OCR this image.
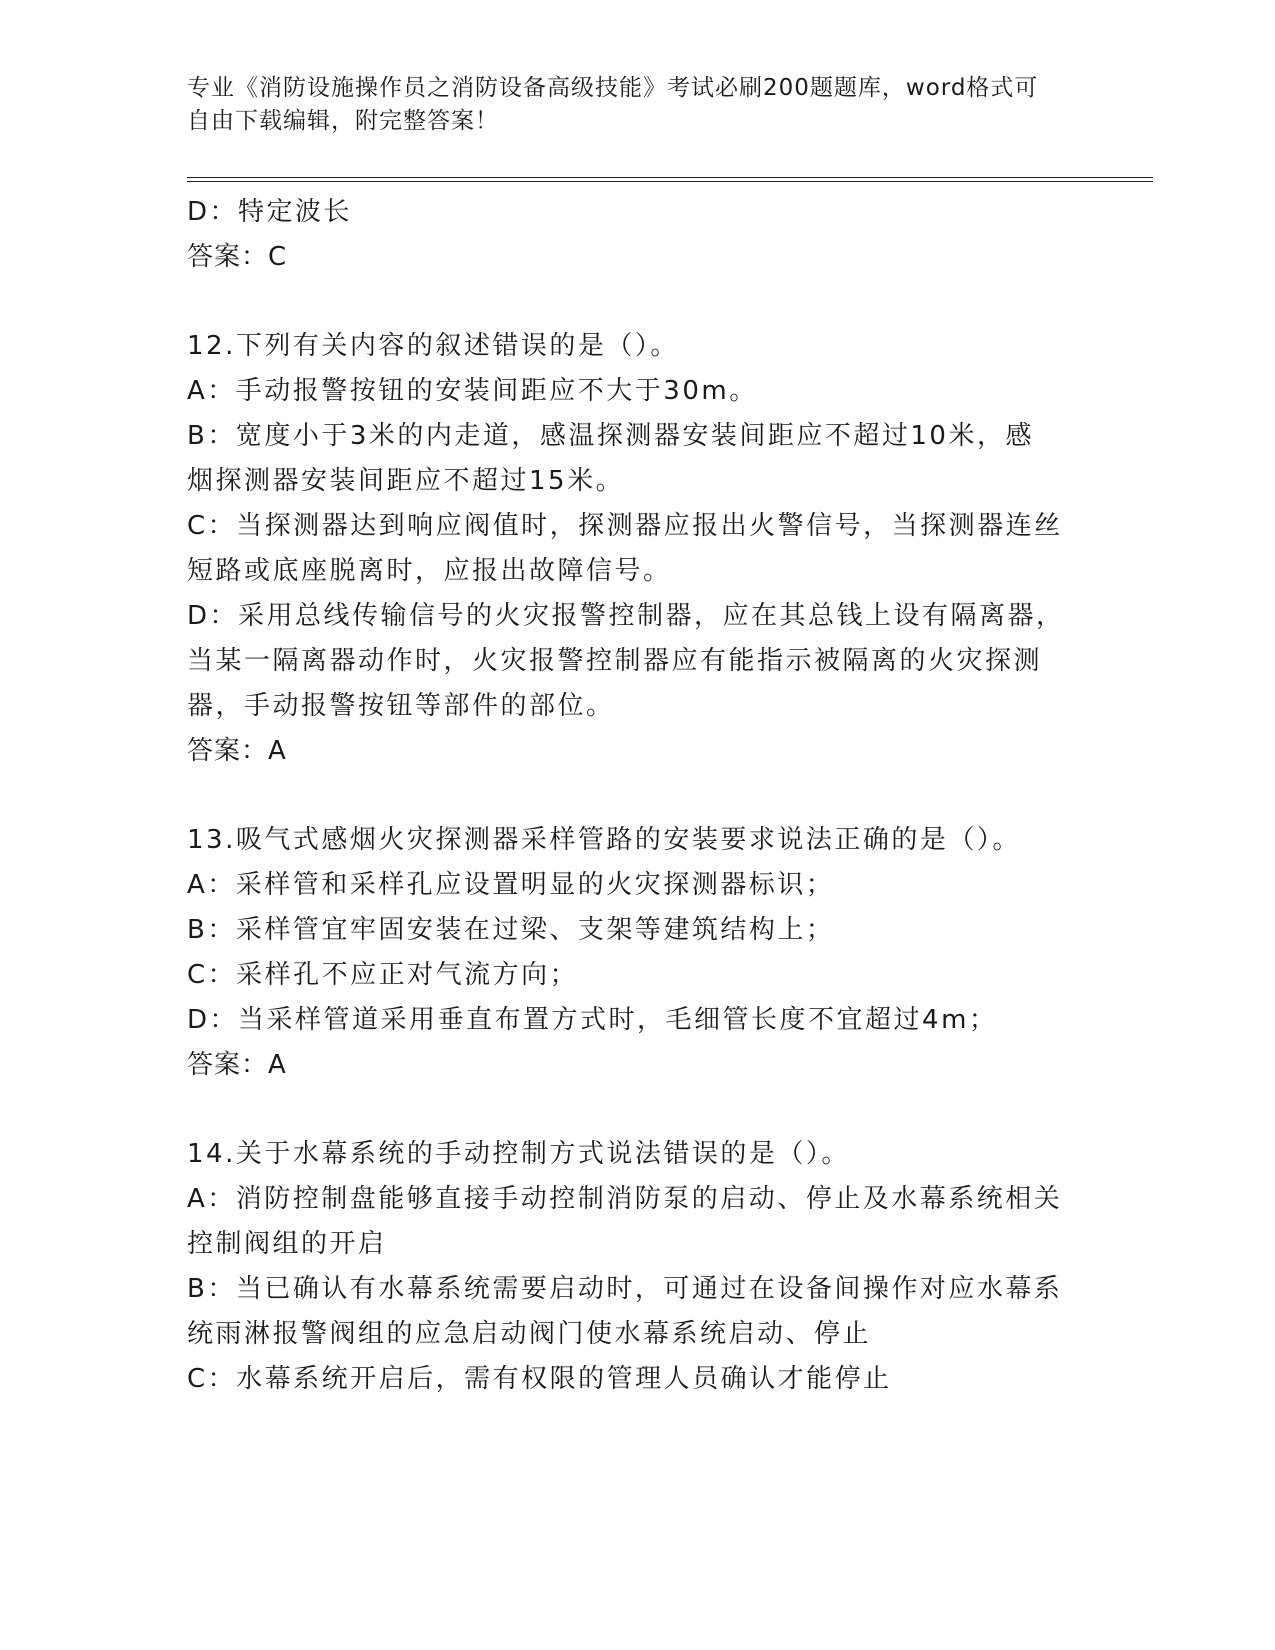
专业《消防设施操作员之消防设备高级技能》考试必刷200题题库，word格式可
自由下载编辑，附完整答案！
D：特定波长
答案：C
12.下列有关内容的叙述错误的是（）。
A：手动报警按钮的安装间距应不大于30m。
B：宽度小于3米的内走道，感温探测器安装间距应不超过10米，感
烟探测器安装间距应不超过15米。
C：当探测器达到响应阀值时，探测器应报出火警信号，当探测器连丝
短路或底座脱离时，应报出故障信号。
D：采用总线传输信号的火灾报警控制器，应在其总钱上设有隔离器，
当某一隔离器动作时，火灾报警控制器应有能指示被隔离的火灾探测
器，手动报警按钮等部件的部位。
答案：A
13.吸气式感烟火灾探测器采样管路的安装要求说法正确的是（）。
A：采样管和采样孔应设置明显的火灾探测器标识；
B：采样管宜牢固安装在过梁、支架等建筑结构上；
C：采样孔不应正对气流方向；
D：当采样管道采用垂直布置方式时，毛细管长度不宜超过4m；
答案：A
14.关于水幕系统的手动控制方式说法错误的是（）。
A：消防控制盘能够直接手动控制消防泵的启动、停止及水幕系统相关
控制阀组的开启
B：当已确认有水幕系统需要启动时，可通过在设备间操作对应水幕系
统雨淋报警阀组的应急启动阀门使水幕系统启动、停止
C：水幕系统开启后，需有权限的管理人员确认才能停止
